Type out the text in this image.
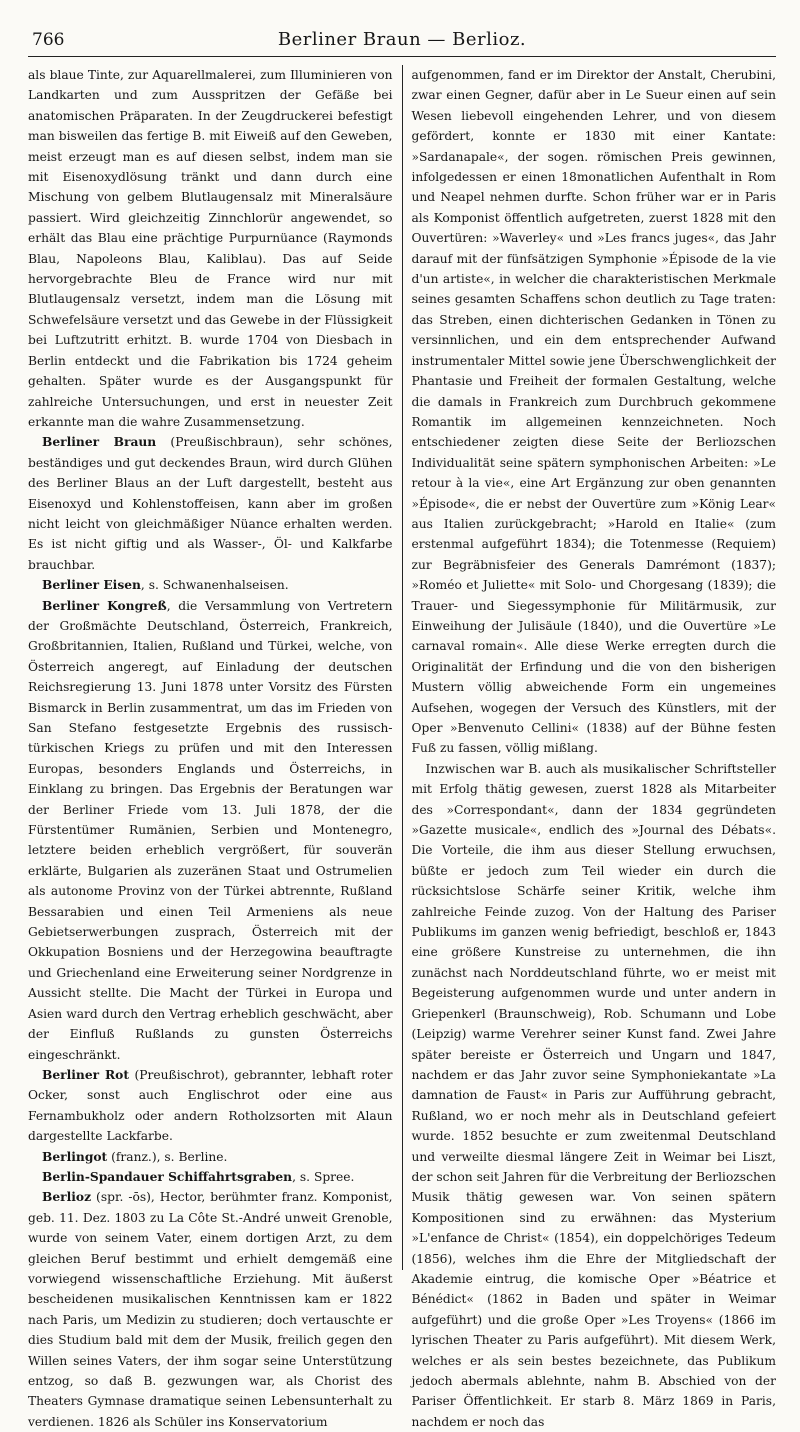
766	Berliner Braun — Berlioz.

als blaue Tinte, zur Aquarellmalerei, zum Illuminieren von Landkarten und zum Ausspritzen der Gefäße bei anatomischen Präparaten. In der Zeugdruckerei befestigt man bisweilen das fertige B. mit Eiweiß auf den Geweben, meist erzeugt man es auf diesen selbst, indem man sie mit Eisenoxydlösung tränkt und dann durch eine Mischung von gelbem Blutlaugensalz mit Mineralsäure passiert. Wird gleichzeitig Zinnchlorür angewendet, so erhält das Blau eine prächtige Purpurnüance (Raymonds Blau, Napoleons Blau, Kaliblau). Das auf Seide hervorgebrachte Bleu de France wird nur mit Blutlaugensalz versetzt, indem man die Lösung mit Schwefelsäure versetzt und das Gewebe in der Flüssigkeit bei Luftzutritt erhitzt. B. wurde 1704 von Diesbach in Berlin entdeckt und die Fabrikation bis 1724 geheim gehalten. Später wurde es der Ausgangspunkt für zahlreiche Untersuchungen, und erst in neuester Zeit erkannte man die wahre Zusammensetzung.

Berliner Braun (Preußischbraun), sehr schönes, beständiges und gut deckendes Braun, wird durch Glühen des Berliner Blaus an der Luft dargestellt, besteht aus Eisenoxyd und Kohlenstoffeisen, kann aber im großen nicht leicht von gleichmäßiger Nüance erhalten werden. Es ist nicht giftig und als Wasser-, Öl- und Kalkfarbe brauchbar.

Berliner Eisen, s. Schwanenhalseisen.

Berliner Kongreß, die Versammlung von Vertretern der Großmächte Deutschland, Österreich, Frankreich, Großbritannien, Italien, Rußland und Türkei, welche, von Österreich angeregt, auf Einladung der deutschen Reichsregierung 13. Juni 1878 unter Vorsitz des Fürsten Bismarck in Berlin zusammentrat, um das im Frieden von San Stefano festgesetzte Ergebnis des russisch-türkischen Kriegs zu prüfen und mit den Interessen Europas, besonders Englands und Österreichs, in Einklang zu bringen. Das Ergebnis der Beratungen war der Berliner Friede vom 13. Juli 1878, der die Fürstentümer Rumänien, Serbien und Montenegro, letztere beiden erheblich vergrößert, für souverän erklärte, Bulgarien als zuzeränen Staat und Ostrumelien als autonome Provinz von der Türkei abtrennte, Rußland Bessarabien und einen Teil Armeniens als neue Gebietserwerbungen zusprach, Österreich mit der Okkupation Bosniens und der Herzegowina beauftragte und Griechenland eine Erweiterung seiner Nordgrenze in Aussicht stellte. Die Macht der Türkei in Europa und Asien ward durch den Vertrag erheblich geschwächt, aber der Einfluß Rußlands zu gunsten Österreichs eingeschränkt.

Berliner Rot (Preußischrot), gebrannter, lebhaft roter Ocker, sonst auch Englischrot oder eine aus Fernambukholz oder andern Rotholzsorten mit Alaun dargestellte Lackfarbe.

Berlingot (franz.), s. Berline.

Berlin-Spandauer Schiffahrtsgraben, s. Spree.

Berlioz (spr. -ōs), Hector, berühmter franz. Komponist, geb. 11. Dez. 1803 zu La Côte St.-André unweit Grenoble, wurde von seinem Vater, einem dortigen Arzt, zu dem gleichen Beruf bestimmt und erhielt demgemäß eine vorwiegend wissenschaftliche Erziehung. Mit äußerst bescheidenen musikalischen Kenntnissen kam er 1822 nach Paris, um Medizin zu studieren; doch vertauschte er dies Studium bald mit dem der Musik, freilich gegen den Willen seines Vaters, der ihm sogar seine Unterstützung entzog, so daß B. gezwungen war, als Chorist des Theaters Gymnase dramatique seinen Lebensunterhalt zu verdienen. 1826 als Schüler ins Konservatorium

aufgenommen, fand er im Direktor der Anstalt, Cherubini, zwar einen Gegner, dafür aber in Le Sueur einen auf sein Wesen liebevoll eingehenden Lehrer, und von diesem gefördert, konnte er 1830 mit einer Kantate: »Sardanapale«, der sogen. römischen Preis gewinnen, infolgedessen er einen 18monatlichen Aufenthalt in Rom und Neapel nehmen durfte. Schon früher war er in Paris als Komponist öffentlich aufgetreten, zuerst 1828 mit den Ouvertüren: »Waverley« und »Les francs juges«, das Jahr darauf mit der fünfsätzigen Symphonie »Épisode de la vie d'un artiste«, in welcher die charakteristischen Merkmale seines gesamten Schaffens schon deutlich zu Tage traten: das Streben, einen dichterischen Gedanken in Tönen zu versinnlichen, und ein dem entsprechender Aufwand instrumentaler Mittel sowie jene Überschwenglichkeit der Phantasie und Freiheit der formalen Gestaltung, welche die damals in Frankreich zum Durchbruch gekommene Romantik im allgemeinen kennzeichneten. Noch entschiedener zeigten diese Seite der Berliozschen Individualität seine spätern symphonischen Arbeiten: »Le retour à la vie«, eine Art Ergänzung zur oben genannten »Épisode«, die er nebst der Ouvertüre zum »König Lear« aus Italien zurückgebracht; »Harold en Italie« (zum erstenmal aufgeführt 1834); die Totenmesse (Requiem) zur Begräbnisfeier des Generals Damrémont (1837); »Roméo et Juliette« mit Solo- und Chorgesang (1839); die Trauer- und Siegessymphonie für Militärmusik, zur Einweihung der Julisäule (1840), und die Ouvertüre »Le carnaval romain«. Alle diese Werke erregten durch die Originalität der Erfindung und die von den bisherigen Mustern völlig abweichende Form ein ungemeines Aufsehen, wogegen der Versuch des Künstlers, mit der Oper »Benvenuto Cellini« (1838) auf der Bühne festen Fuß zu fassen, völlig mißlang.

Inzwischen war B. auch als musikalischer Schriftsteller mit Erfolg thätig gewesen, zuerst 1828 als Mitarbeiter des »Correspondant«, dann der 1834 gegründeten »Gazette musicale«, endlich des »Journal des Débats«. Die Vorteile, die ihm aus dieser Stellung erwuchsen, büßte er jedoch zum Teil wieder ein durch die rücksichtslose Schärfe seiner Kritik, welche ihm zahlreiche Feinde zuzog. Von der Haltung des Pariser Publikums im ganzen wenig befriedigt, beschloß er, 1843 eine größere Kunstreise zu unternehmen, die ihn zunächst nach Norddeutschland führte, wo er meist mit Begeisterung aufgenommen wurde und unter andern in Griepenkerl (Braunschweig), Rob. Schumann und Lobe (Leipzig) warme Verehrer seiner Kunst fand. Zwei Jahre später bereiste er Österreich und Ungarn und 1847, nachdem er das Jahr zuvor seine Symphoniekantate »La damnation de Faust« in Paris zur Aufführung gebracht, Rußland, wo er noch mehr als in Deutschland gefeiert wurde. 1852 besuchte er zum zweitenmal Deutschland und verweilte diesmal längere Zeit in Weimar bei Liszt, der schon seit Jahren für die Verbreitung der Berliozschen Musik thätig gewesen war. Von seinen spätern Kompositionen sind zu erwähnen: das Mysterium »L'enfance de Christ« (1854), ein doppelchöriges Tedeum (1856), welches ihm die Ehre der Mitgliedschaft der Akademie eintrug, die komische Oper »Béatrice et Bénédict« (1862 in Baden und später in Weimar aufgeführt) und die große Oper »Les Troyens« (1866 im lyrischen Theater zu Paris aufgeführt). Mit diesem Werk, welches er als sein bestes bezeichnete, das Publikum jedoch abermals ablehnte, nahm B. Abschied von der Pariser Öffentlichkeit. Er starb 8. März 1869 in Paris, nachdem er noch das
